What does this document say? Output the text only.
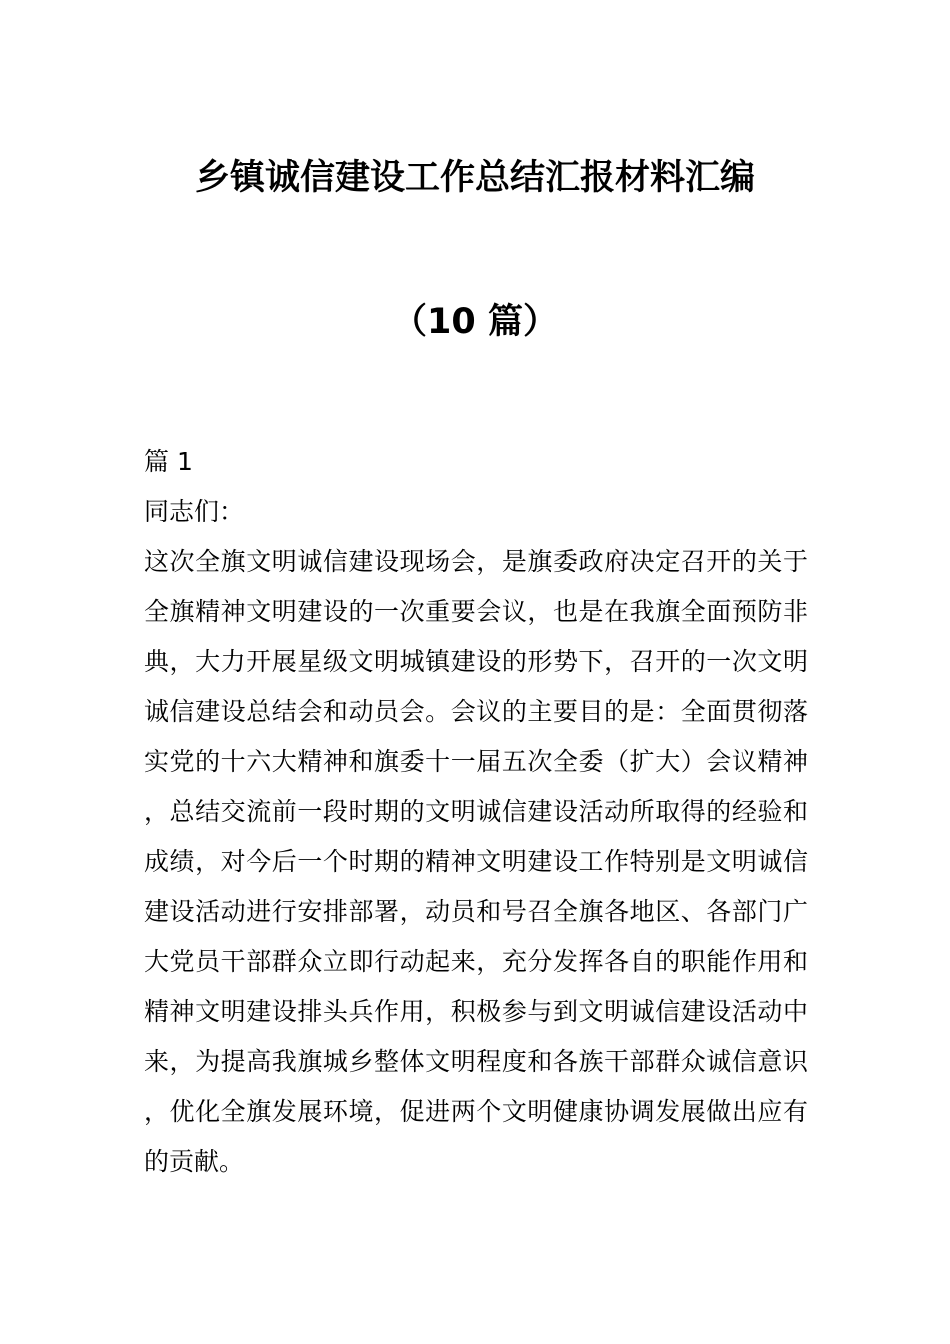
乡镇诚信建设工作总结汇报材料汇编
（10 篇）

篇 1

同志们：

这次全旗文明诚信建设现场会，是旗委政府决定召开的关于全旗精神文明建设的一次重要会议，也是在我旗全面预防非典，大力开展星级文明城镇建设的形势下，召开的一次文明诚信建设总结会和动员会。会议的主要目的是：全面贯彻落实党的十六大精神和旗委十一届五次全委（扩大）会议精神，总结交流前一段时期的文明诚信建设活动所取得的经验和成绩，对今后一个时期的精神文明建设工作特别是文明诚信建设活动进行安排部署，动员和号召全旗各地区、各部门广大党员干部群众立即行动起来，充分发挥各自的职能作用和精神文明建设排头兵作用，积极参与到文明诚信建设活动中来，为提高我旗城乡整体文明程度和各族干部群众诚信意识，优化全旗发展环境，促进两个文明健康协调发展做出应有的贡献。
